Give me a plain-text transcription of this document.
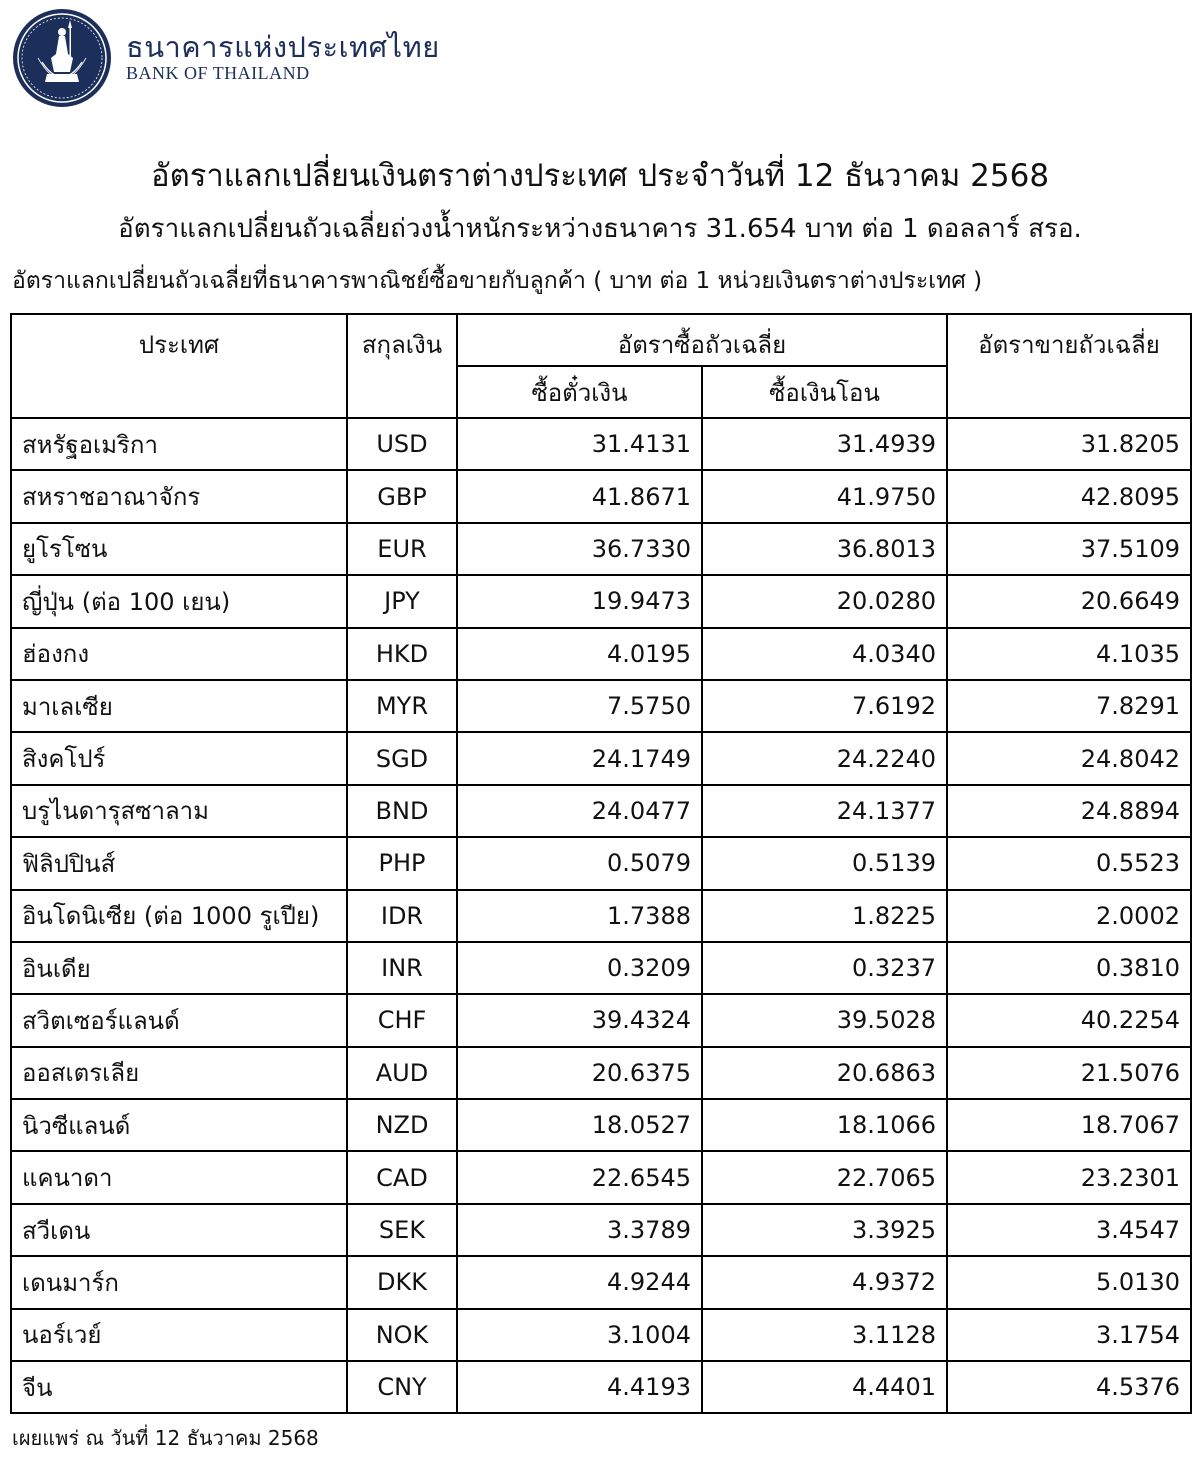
ธนาคารแห่งประเทศไทย
BANK OF THAILAND
อัตราแลกเปลี่ยนเงินตราต่างประเทศ ประจำวันที่ 12 ธันวาคม 2568
อัตราแลกเปลี่ยนถัวเฉลี่ยถ่วงน้ำหนักระหว่างธนาคาร 31.654 บาท ต่อ 1 ดอลลาร์ สรอ.
อัตราแลกเปลี่ยนถัวเฉลี่ยที่ธนาคารพาณิชย์ซื้อขายกับลูกค้า ( บาท ต่อ 1 หน่วยเงินตราต่างประเทศ )
ประเทศ	สกุลเงิน	อัตราซื้อถัวเฉลี่ย		อัตราขายถัวเฉลี่ย
		ซื้อตั๋วเงิน	ซื้อเงินโอน	
สหรัฐอเมริกา	USD	31.4131	31.4939	31.8205
สหราชอาณาจักร	GBP	41.8671	41.9750	42.8095
ยูโรโซน	EUR	36.7330	36.8013	37.5109
ญี่ปุ่น (ต่อ 100 เยน)	JPY	19.9473	20.0280	20.6649
ฮ่องกง	HKD	4.0195	4.0340	4.1035
มาเลเซีย	MYR	7.5750	7.6192	7.8291
สิงคโปร์	SGD	24.1749	24.2240	24.8042
บรูไนดารุสซาลาม	BND	24.0477	24.1377	24.8894
ฟิลิปปินส์	PHP	0.5079	0.5139	0.5523
อินโดนิเซีย (ต่อ 1000 รูเปีย)	IDR	1.7388	1.8225	2.0002
อินเดีย	INR	0.3209	0.3237	0.3810
สวิตเซอร์แลนด์	CHF	39.4324	39.5028	40.2254
ออสเตรเลีย	AUD	20.6375	20.6863	21.5076
นิวซีแลนด์	NZD	18.0527	18.1066	18.7067
แคนาดา	CAD	22.6545	22.7065	23.2301
สวีเดน	SEK	3.3789	3.3925	3.4547
เดนมาร์ก	DKK	4.9244	4.9372	5.0130
นอร์เวย์	NOK	3.1004	3.1128	3.1754
จีน	CNY	4.4193	4.4401	4.5376
เผยแพร่ ณ วันที่ 12 ธันวาคม 2568
